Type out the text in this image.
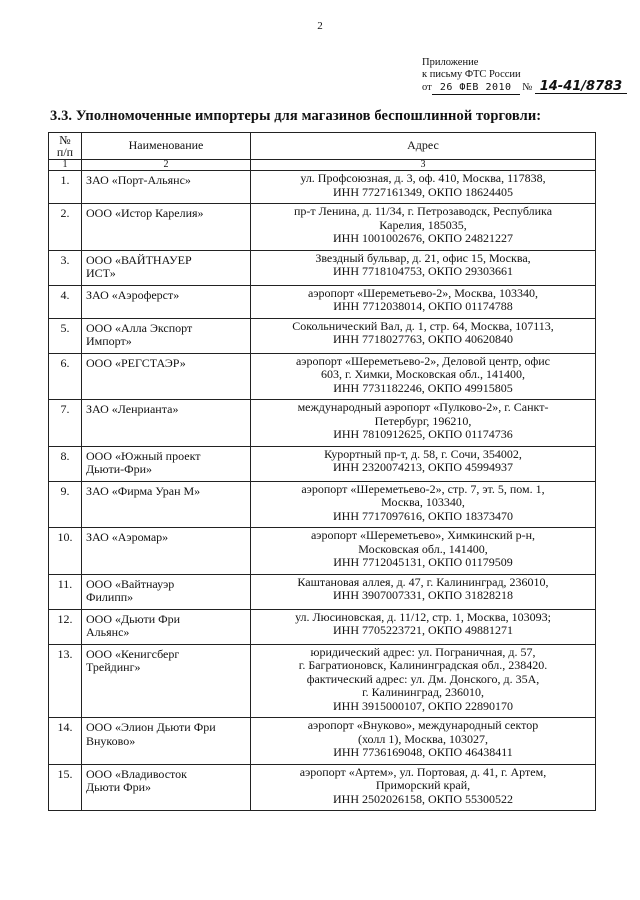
2
Приложение
к письму ФТС России
от 26 ФЕВ 2010 № 14-41/8783
3.3. Уполномоченные импортеры для магазинов беспошлинной торговли:
№
п/п	Наименование	Адрес
1	2	3
1.	ЗАО «Порт-Альянс»	ул. Профсоюзная, д. 3, оф. 410, Москва, 117838,
ИНН 7727161349, ОКПО 18624405
2.	ООО «Истор Карелия»	пр-т Ленина, д. 11/34, г. Петрозаводск, Республика
Карелия, 185035,
ИНН 1001002676, ОКПО 24821227
3.	ООО «ВАЙТНАУЕР
ИСТ»	Звездный бульвар, д. 21, офис 15, Москва,
ИНН 7718104753, ОКПО 29303661
4.	ЗАО «Аэроферст»	аэропорт «Шереметьево-2», Москва, 103340,
ИНН 7712038014, ОКПО 01174788
5.	ООО «Алла Экспорт
Импорт»	Сокольнический Вал, д. 1, стр. 64, Москва, 107113,
ИНН 7718027763, ОКПО 40620840
6.	ООО «РЕГСТАЭР»	аэропорт «Шереметьево-2», Деловой центр, офис
603, г. Химки, Московская обл., 141400,
ИНН 7731182246, ОКПО 49915805
7.	ЗАО «Ленрианта»	международный аэропорт «Пулково-2», г. Санкт-
Петербург, 196210,
ИНН 7810912625, ОКПО 01174736
8.	ООО «Южный проект
Дьюти-Фри»	Курортный пр-т, д. 58, г. Сочи, 354002,
ИНН 2320074213, ОКПО 45994937
9.	ЗАО «Фирма Уран М»	аэропорт «Шереметьево-2», стр. 7, эт. 5, пом. 1,
Москва, 103340,
ИНН 7717097616, ОКПО 18373470
10.	ЗАО «Аэромар»	аэропорт «Шереметьево», Химкинский р-н,
Московская обл., 141400,
ИНН 7712045131, ОКПО 01179509
11.	ООО «Вайтнауэр
Филипп»	Каштановая аллея, д. 47, г. Калининград, 236010,
ИНН 3907007331, ОКПО 31828218
12.	ООО «Дьюти Фри
Альянс»	ул. Люсиновская, д. 11/12, стр. 1, Москва, 103093;
ИНН 7705223721, ОКПО 49881271
13.	ООО «Кенигсберг
Трейдинг»	юридический адрес: ул. Пограничная, д. 57,
г. Багратионовск, Калининградская обл., 238420.
фактический адрес: ул. Дм. Донского, д. 35А,
г. Калининград, 236010,
ИНН 3915000107, ОКПО 22890170
14.	ООО «Элион Дьюти Фри
Внуково»	аэропорт «Внуково», международный сектор
(холл 1), Москва, 103027,
ИНН 7736169048, ОКПО 46438411
15.	ООО «Владивосток
Дьюти Фри»	аэропорт «Артем», ул. Портовая, д. 41, г. Артем,
Приморский край,
ИНН 2502026158, ОКПО 55300522
